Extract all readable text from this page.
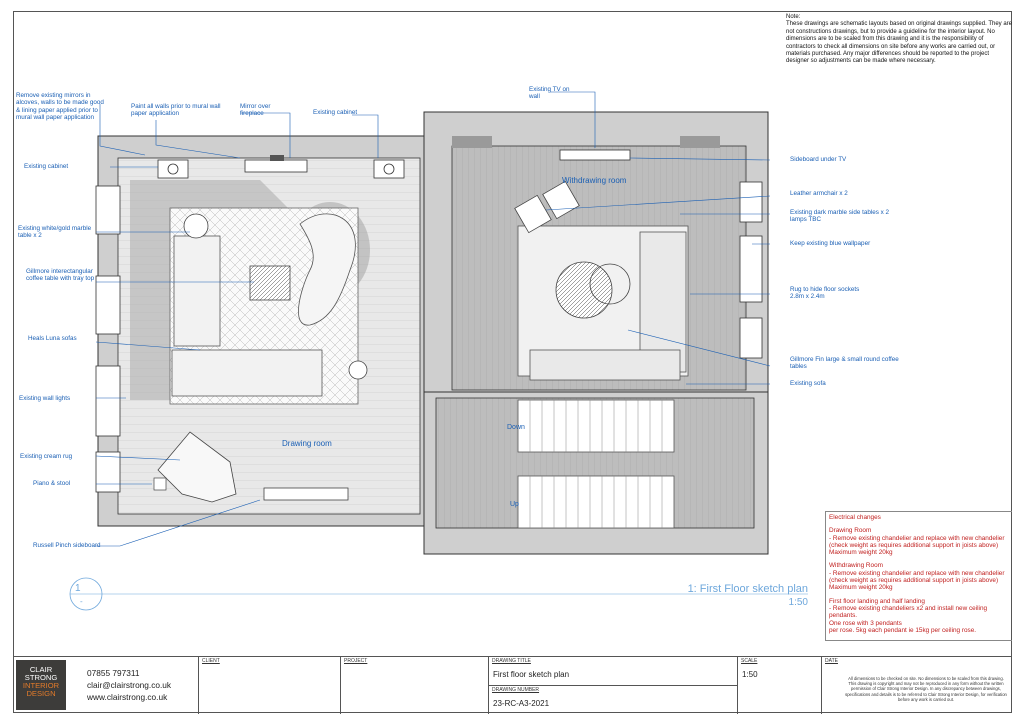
Note:
These drawings are schematic layouts based on original drawings supplied. They are not constructions drawings, but to provide a guideline for the interior layout. No dimensions are to be scaled from this drawing and it is the responsibility of contractors to check all dimensions on site before any works are carried out, or materials purchased. Any major differences should be reported to the project designer so adjustments can be made where necessary.
Drawing room
Withdrawing room
Down
Up
Remove existing mirrors in alcoves, walls to be made good & lining paper applied prior to mural wall paper application
Paint all walls prior to mural wall paper application
Mirror over fireplace	Existing cabinet
Existing cabinet
Existing white/gold marble table x 2
Gillmore interectangular coffee table with tray top
Heals Luna sofas
Existing wall lights
Existing cream rug
Piano & stool
Russell Pinch sideboard
Existing TV on wall
Sideboard under TV
Leather armchair x 2
Existing dark marble side tables x 2 lamps TBC
Keep existing blue wallpaper
Rug to hide floor sockets 2.8m x 2.4m
Gillmore Fin large & small round coffee tables
Existing sofa
Electrical changes
Drawing Room
- Remove existing chandelier and replace with new chandelier (check weight as requires additional support in joists above)
Maximum weight 20kg
Withdrawing Room
- Remove existing chandelier and replace with new chandelier (check weight as requires additional support in joists above)
Maximum weight 20kg
First floor landing and half landing
- Remove existing chandeliers x2 and install new ceiling pendants.
One rose with 3 pendants
per rose. 5kg each pendant ie 15kg per ceiling rose.
1
-
1: First Floor sketch plan
1:50
CLAIR
STRONG
INTERIOR
DESIGN
07855 797311
clair@clairstrong.co.uk
www.clairstrong.co.uk
CLIENT	PROJECT	DRAWING TITLE
First floor sketch plan
DRAWING NUMBER
23-RC-A3-2021
SCALE
1:50
DATE
All dimensions to be checked on site. No dimensions to be scaled from this drawing. This drawing is copyright and may not be reproduced in any form without the written permission of Clair Strong Interior Design. In any discrepancy between drawings, specifications and details is to be referred to Clair Strong Interior Design, for verification before any work is carried out.
